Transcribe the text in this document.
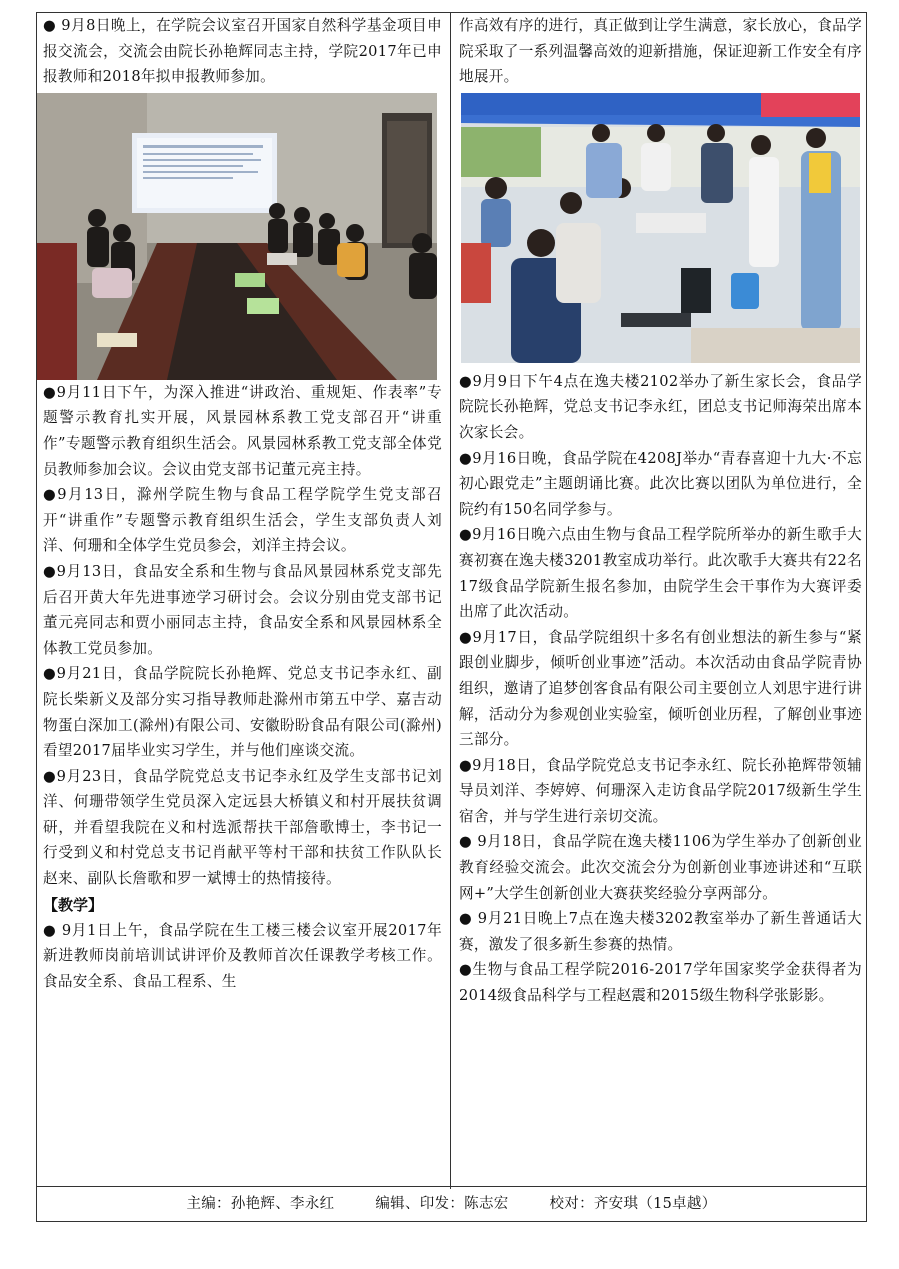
● 9月8日晚上，在学院会议室召开国家自然科学基金项目申报交流会，交流会由院长孙艳辉同志主持，学院2017年已申报教师和2018年拟申报教师参加。

●9月11日下午，为深入推进“讲政治、重规矩、作表率”专题警示教育扎实开展，风景园林系教工党支部召开“讲重作”专题警示教育组织生活会。风景园林系教工党支部全体党员教师参加会议。会议由党支部书记董元亮主持。

●9月13日，滁州学院生物与食品工程学院学生党支部召开“讲重作”专题警示教育组织生活会，学生支部负责人刘洋、何珊和全体学生党员参会，刘洋主持会议。

●9月13日，食品安全系和生物与食品风景园林系党支部先后召开黄大年先进事迹学习研讨会。会议分别由党支部书记董元亮同志和贾小丽同志主持，食品安全系和风景园林系全体教工党员参加。

●9月21日，食品学院院长孙艳辉、党总支书记李永红、副院长柴新义及部分实习指导教师赴滁州市第五中学、嘉吉动物蛋白深加工(滁州)有限公司、安徽盼盼食品有限公司(滁州)看望2017届毕业实习学生，并与他们座谈交流。

●9月23日，食品学院党总支书记李永红及学生支部书记刘洋、何珊带领学生党员深入定远县大桥镇义和村开展扶贫调研，并看望我院在义和村选派帮扶干部詹歌博士，李书记一行受到义和村党总支书记肖献平等村干部和扶贫工作队队长赵来、副队长詹歌和罗一斌博士的热情接待。

【教学】

● 9月1日上午，食品学院在生工楼三楼会议室开展2017年新进教师岗前培训试讲评价及教师首次任课教学考核工作。食品安全系、食品工程系、生

作高效有序的进行，真正做到让学生满意，家长放心，食品学院采取了一系列温馨高效的迎新措施，保证迎新工作安全有序地展开。

●9月9日下午4点在逸夫楼2102举办了新生家长会，食品学院院长孙艳辉，党总支书记李永红，团总支书记师海荣出席本次家长会。

●9月16日晚，食品学院在4208J举办“青春喜迎十九大·不忘初心跟党走”主题朗诵比赛。此次比赛以团队为单位进行，全院约有150名同学参与。

●9月16日晚六点由生物与食品工程学院所举办的新生歌手大赛初赛在逸夫楼3201教室成功举行。此次歌手大赛共有22名17级食品学院新生报名参加，由院学生会干事作为大赛评委出席了此次活动。

●9月17日，食品学院组织十多名有创业想法的新生参与“紧跟创业脚步，倾听创业事迹”活动。本次活动由食品学院青协组织，邀请了追梦创客食品有限公司主要创立人刘思宇进行讲解，活动分为参观创业实验室，倾听创业历程，了解创业事迹三部分。

●9月18日，食品学院党总支书记李永红、院长孙艳辉带领辅导员刘洋、李婷婷、何珊深入走访食品学院2017级新生学生宿舍，并与学生进行亲切交流。

● 9月18日，食品学院在逸夫楼1106为学生举办了创新创业教育经验交流会。此次交流会分为创新创业事迹讲述和“互联网+”大学生创新创业大赛获奖经验分享两部分。

● 9月21日晚上7点在逸夫楼3202教室举办了新生普通话大赛，激发了很多新生参赛的热情。

●生物与食品工程学院2016-2017学年国家奖学金获得者为2014级食品科学与工程赵震和2015级生物科学张影影。

主编：孙艳辉、李永红	编辑、印发：陈志宏	校对：齐安琪（15卓越）
